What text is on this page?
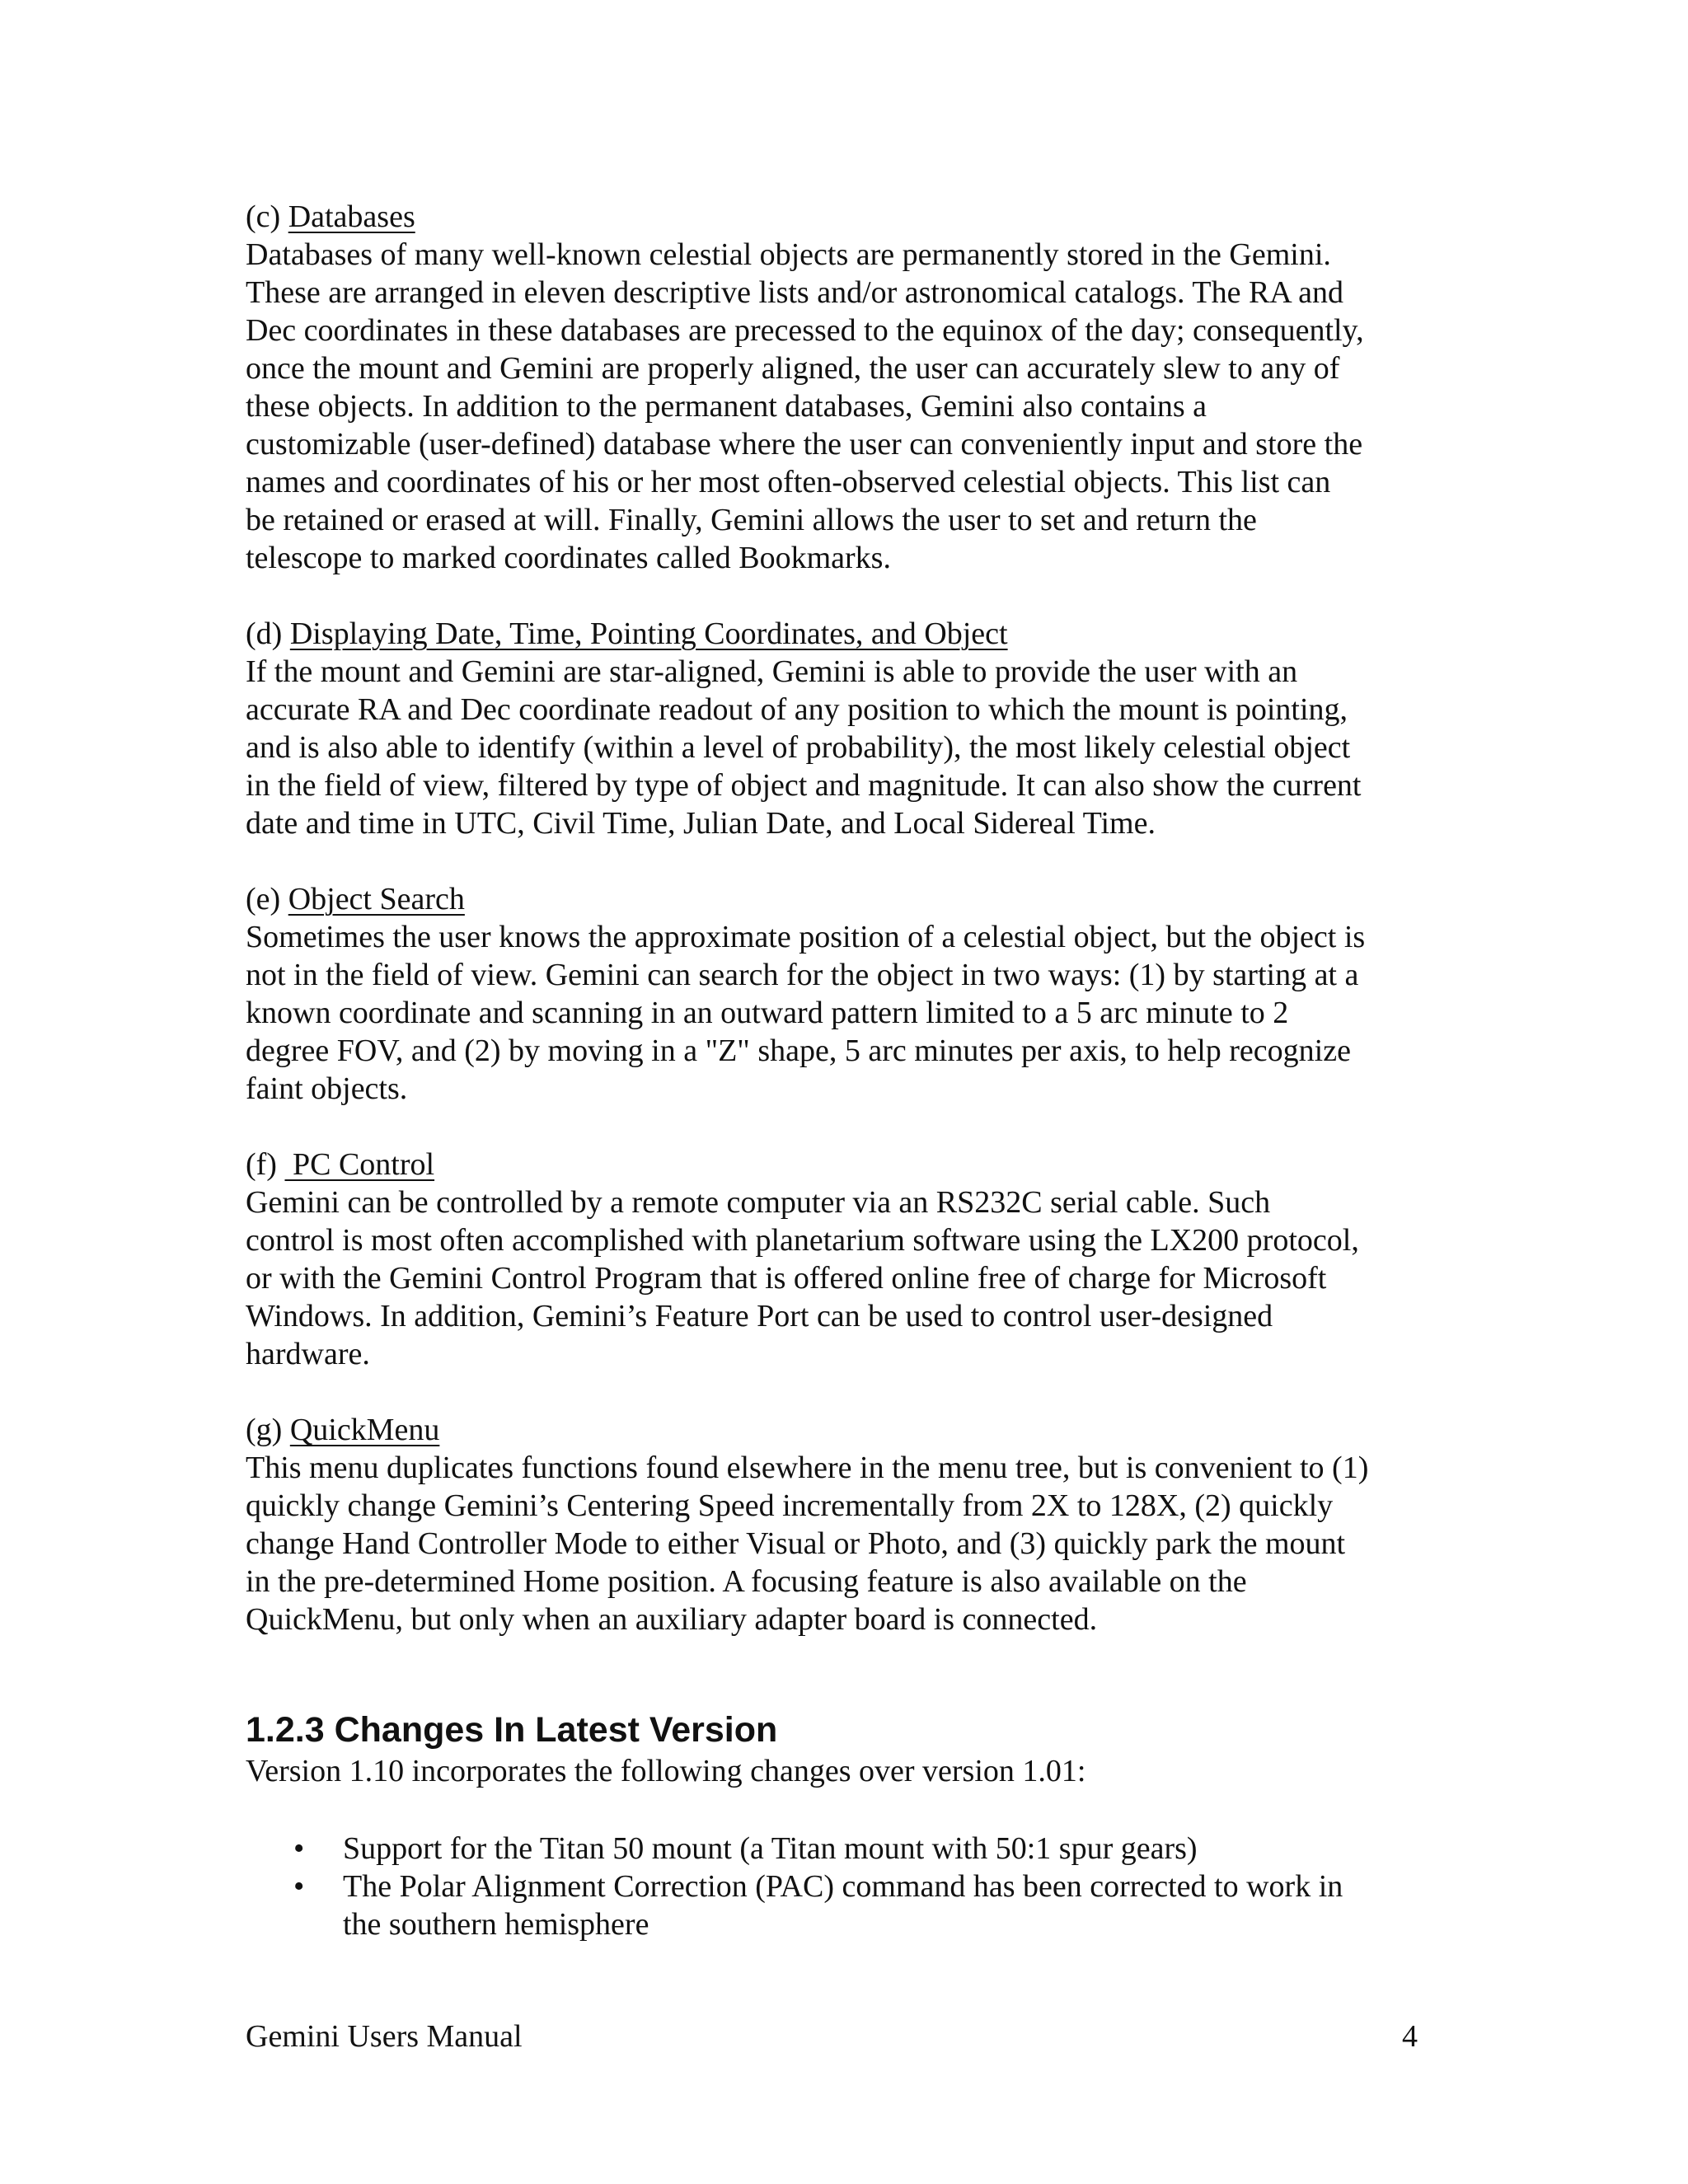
(c) Databases

Databases of many well-known celestial objects are permanently stored in the Gemini.
These are arranged in eleven descriptive lists and/or astronomical catalogs. The RA and
Dec coordinates in these databases are precessed to the equinox of the day; consequently,
once the mount and Gemini are properly aligned, the user can accurately slew to any of
these objects. In addition to the permanent databases, Gemini also contains a
customizable (user-defined) database where the user can conveniently input and store the
names and coordinates of his or her most often-observed celestial objects. This list can
be retained or erased at will. Finally, Gemini allows the user to set and return the
telescope to marked coordinates called Bookmarks.

(d) Displaying Date, Time, Pointing Coordinates, and Object

If the mount and Gemini are star-aligned, Gemini is able to provide the user with an
accurate RA and Dec coordinate readout of any position to which the mount is pointing,
and is also able to identify (within a level of probability), the most likely celestial object
in the field of view, filtered by type of object and magnitude. It can also show the current
date and time in UTC, Civil Time, Julian Date, and Local Sidereal Time.

(e) Object Search

Sometimes the user knows the approximate position of a celestial object, but the object is
not in the field of view. Gemini can search for the object in two ways: (1) by starting at a
known coordinate and scanning in an outward pattern limited to a 5 arc minute to 2
degree FOV, and (2) by moving in a "Z" shape, 5 arc minutes per axis, to help recognize
faint objects.

(f)  PC Control

Gemini can be controlled by a remote computer via an RS232C serial cable. Such
control is most often accomplished with planetarium software using the LX200 protocol,
or with the Gemini Control Program that is offered online free of charge for Microsoft
Windows. In addition, Gemini’s Feature Port can be used to control user-designed
hardware.

(g) QuickMenu

This menu duplicates functions found elsewhere in the menu tree, but is convenient to (1)
quickly change Gemini’s Centering Speed incrementally from 2X to 128X, (2) quickly
change Hand Controller Mode to either Visual or Photo, and (3) quickly park the mount
in the pre-determined Home position. A focusing feature is also available on the
QuickMenu, but only when an auxiliary adapter board is connected.

1.2.3 Changes In Latest Version

Version 1.10 incorporates the following changes over version 1.01:

• Support for the Titan 50 mount (a Titan mount with 50:1 spur gears)
• The Polar Alignment Correction (PAC) command has been corrected to work in
the southern hemisphere
Gemini Users Manual	4
